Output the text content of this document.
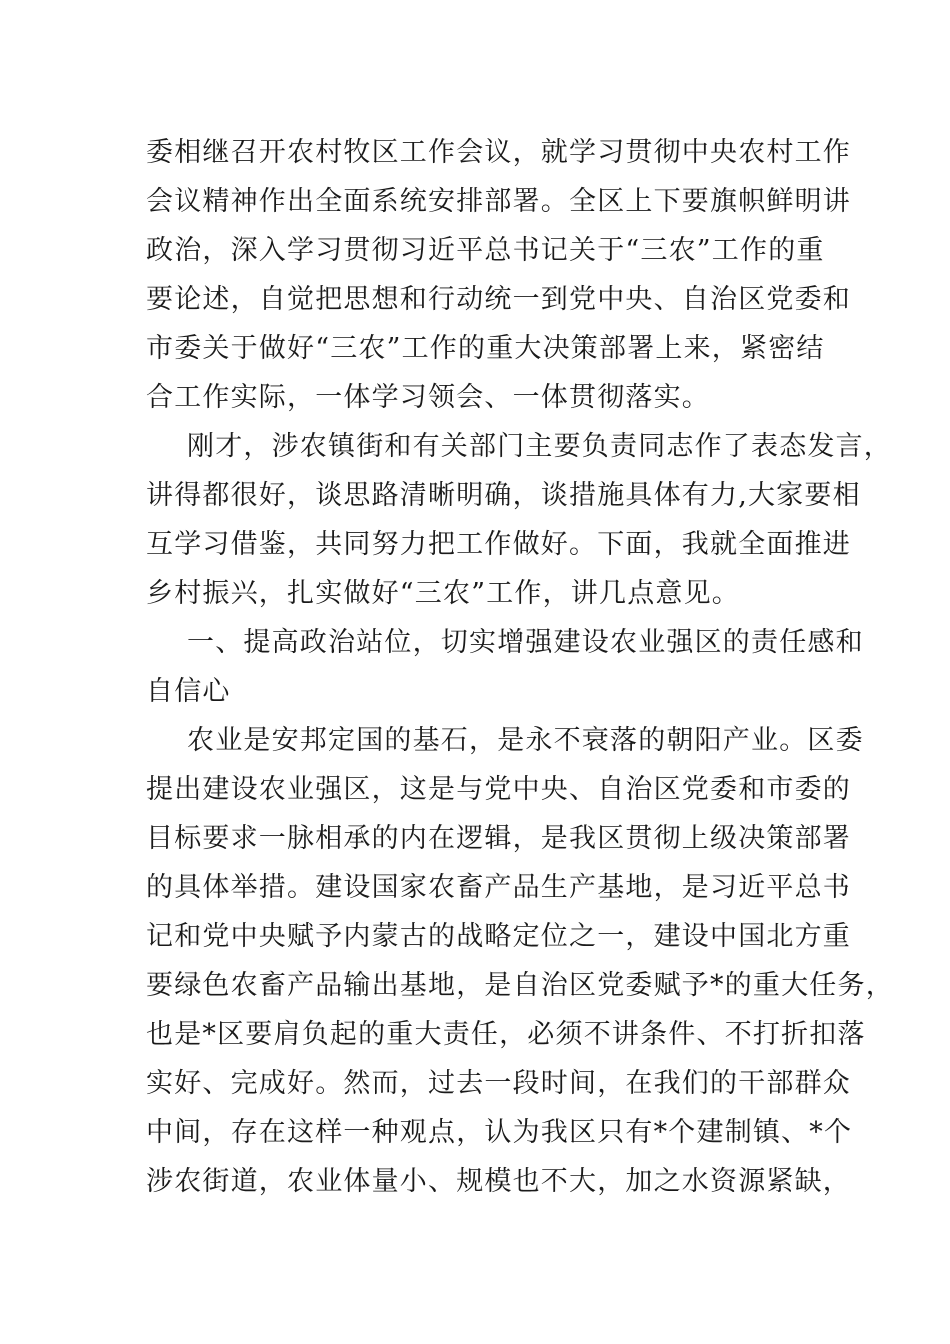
委相继召开农村牧区工作会议，就学习贯彻中央农村工作
会议精神作出全面系统安排部署。全区上下要旗帜鲜明讲
政治，深入学习贯彻习近平总书记关于“三农”工作的重
要论述，自觉把思想和行动统一到党中央、自治区党委和
市委关于做好“三农”工作的重大决策部署上来，紧密结
合工作实际，一体学习领会、一体贯彻落实。
刚才，涉农镇街和有关部门主要负责同志作了表态发言，
讲得都很好，谈思路清晰明确，谈措施具体有力,大家要相
互学习借鉴，共同努力把工作做好。下面，我就全面推进
乡村振兴，扎实做好“三农”工作，讲几点意见。
一、提高政治站位，切实增强建设农业强区的责任感和
自信心
农业是安邦定国的基石，是永不衰落的朝阳产业。区委
提出建设农业强区，这是与党中央、自治区党委和市委的
目标要求一脉相承的内在逻辑，是我区贯彻上级决策部署
的具体举措。建设国家农畜产品生产基地，是习近平总书
记和党中央赋予内蒙古的战略定位之一，建设中国北方重
要绿色农畜产品输出基地，是自治区党委赋予*的重大任务，
也是*区要肩负起的重大责任，必须不讲条件、不打折扣落
实好、完成好。然而，过去一段时间，在我们的干部群众
中间，存在这样一种观点，认为我区只有*个建制镇、*个
涉农街道，农业体量小、规模也不大，加之水资源紧缺，
